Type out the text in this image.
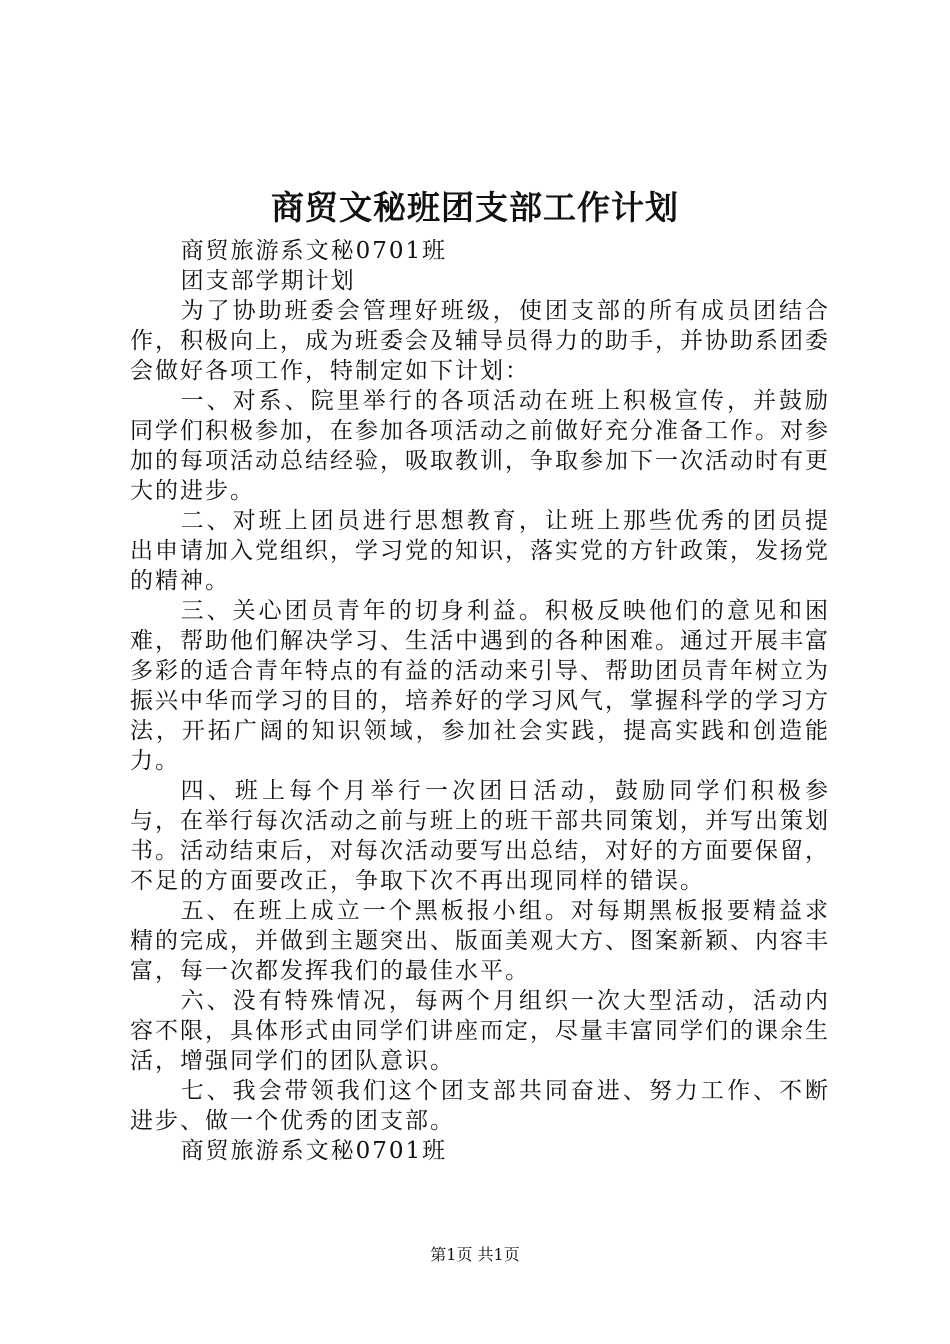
商贸文秘班团支部工作计划

商贸旅游系文秘0701班

团支部学期计划

为了协助班委会管理好班级，使团支部的所有成员团结合作，积极向上，成为班委会及辅导员得力的助手，并协助系团委会做好各项工作，特制定如下计划：

一、对系、院里举行的各项活动在班上积极宣传，并鼓励同学们积极参加，在参加各项活动之前做好充分准备工作。对参加的每项活动总结经验，吸取教训，争取参加下一次活动时有更大的进步。

二、对班上团员进行思想教育，让班上那些优秀的团员提出申请加入党组织，学习党的知识，落实党的方针政策，发扬党的精神。

三、关心团员青年的切身利益。积极反映他们的意见和困难，帮助他们解决学习、生活中遇到的各种困难。通过开展丰富多彩的适合青年特点的有益的活动来引导、帮助团员青年树立为振兴中华而学习的目的，培养好的学习风气，掌握科学的学习方法，开拓广阔的知识领域，参加社会实践，提高实践和创造能力。

四、班上每个月举行一次团日活动，鼓励同学们积极参与，在举行每次活动之前与班上的班干部共同策划，并写出策划书。活动结束后，对每次活动要写出总结，对好的方面要保留，不足的方面要改正，争取下次不再出现同样的错误。

五、在班上成立一个黑板报小组。对每期黑板报要精益求精的完成，并做到主题突出、版面美观大方、图案新颖、内容丰富，每一次都发挥我们的最佳水平。

六、没有特殊情况，每两个月组织一次大型活动，活动内容不限，具体形式由同学们讲座而定，尽量丰富同学们的课余生活，增强同学们的团队意识。

七、我会带领我们这个团支部共同奋进、努力工作、不断进步、做一个优秀的团支部。

商贸旅游系文秘0701班

第1页 共1页
